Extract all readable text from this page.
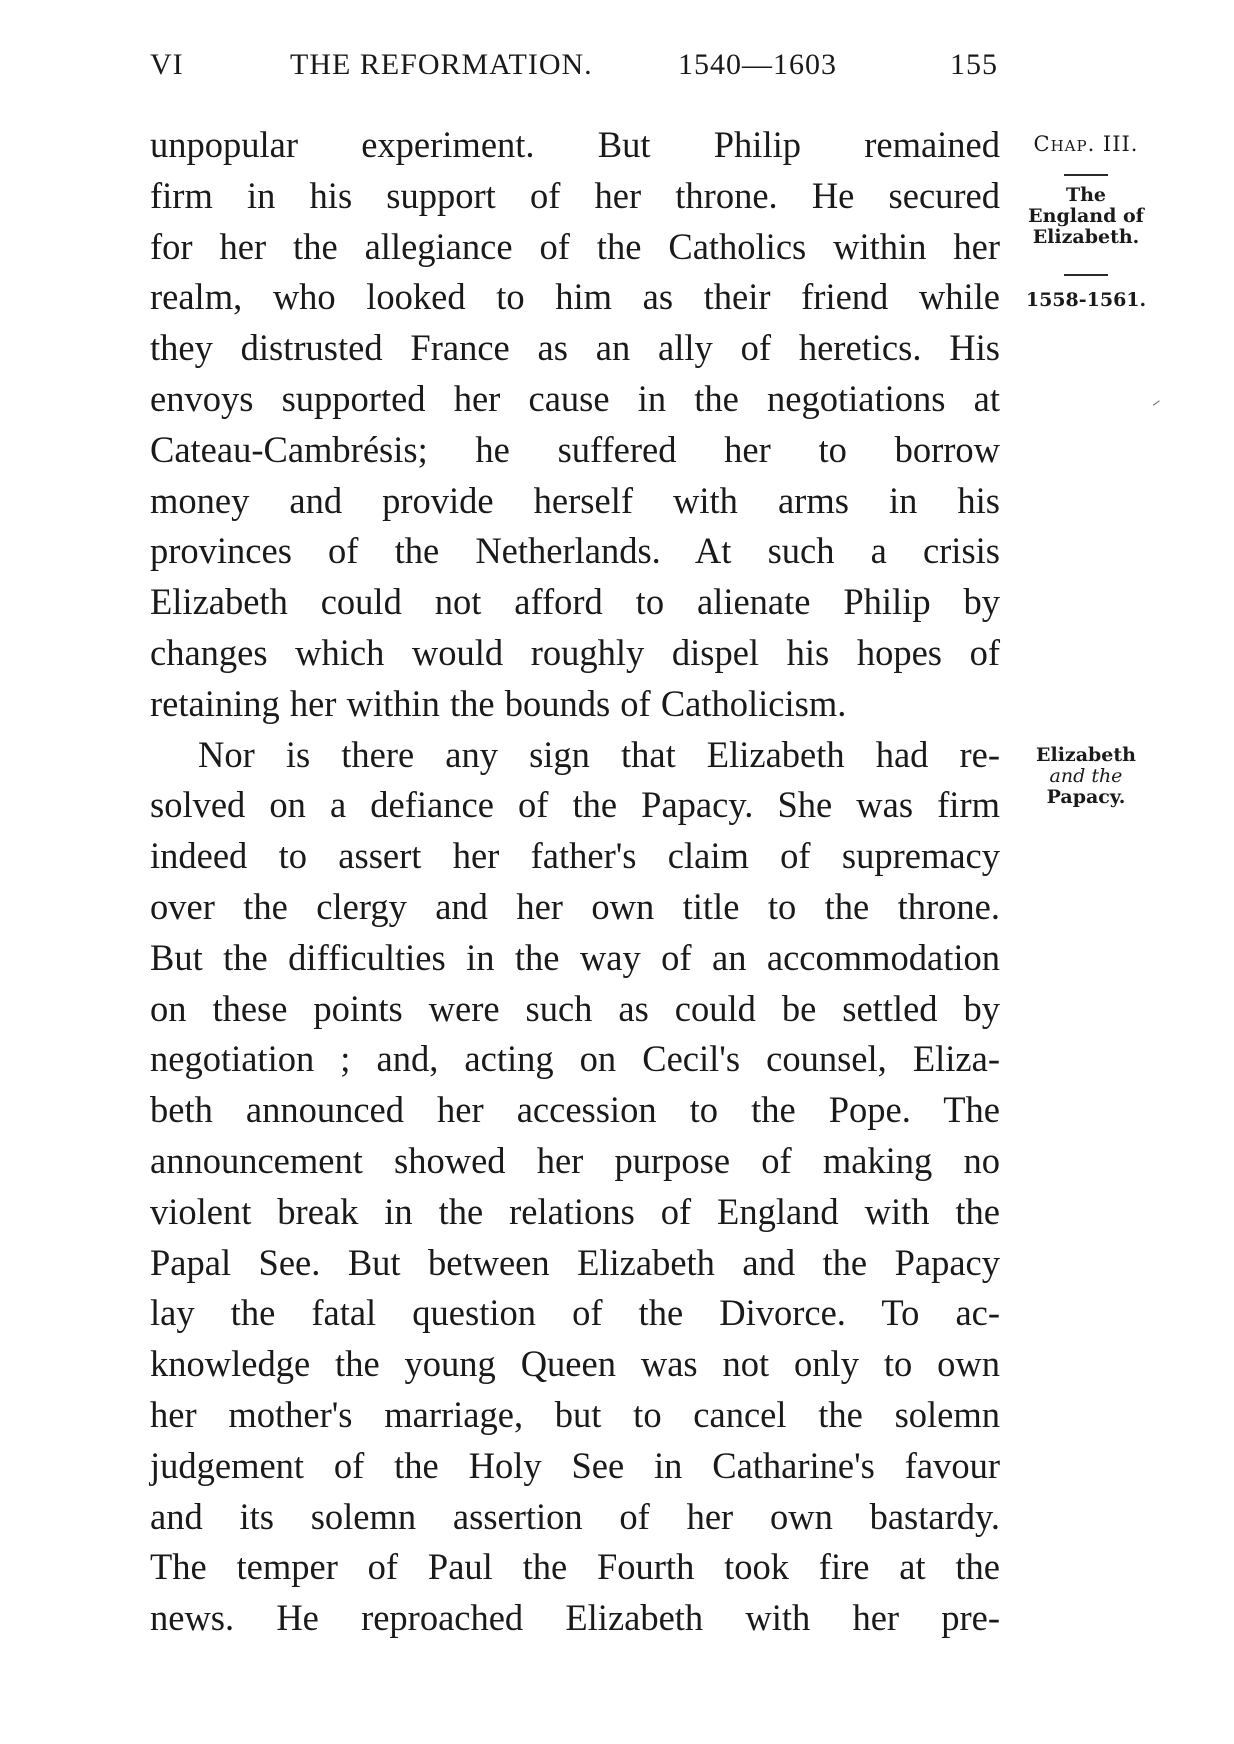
VI	THE REFORMATION.	1540—1603	155
unpopular experiment. But Philip remained
firm in his support of her throne. He secured
for her the allegiance of the Catholics within her
realm, who looked to him as their friend while
they distrusted France as an ally of heretics. His
envoys supported her cause in the negotiations at
Cateau-Cambrésis; he suffered her to borrow
money and provide herself with arms in his
provinces of the Netherlands. At such a crisis
Elizabeth could not afford to alienate Philip by
changes which would roughly dispel his hopes of
retaining her within the bounds of Catholicism.
Nor is there any sign that Elizabeth had re-
solved on a defiance of the Papacy. She was firm
indeed to assert her father's claim of supremacy
over the clergy and her own title to the throne.
But the difficulties in the way of an accommodation
on these points were such as could be settled by
negotiation ; and, acting on Cecil's counsel, Eliza-
beth announced her accession to the Pope. The
announcement showed her purpose of making no
violent break in the relations of England with the
Papal See. But between Elizabeth and the Papacy
lay the fatal question of the Divorce. To ac-
knowledge the young Queen was not only to own
her mother's marriage, but to cancel the solemn
judgement of the Holy See in Catharine's favour
and its solemn assertion of her own bastardy.
The temper of Paul the Fourth took fire at the
news. He reproached Elizabeth with her pre-
Chap. III.
The
England of
Elizabeth.
1558-1561.
Elizabeth
and the
Papacy.
